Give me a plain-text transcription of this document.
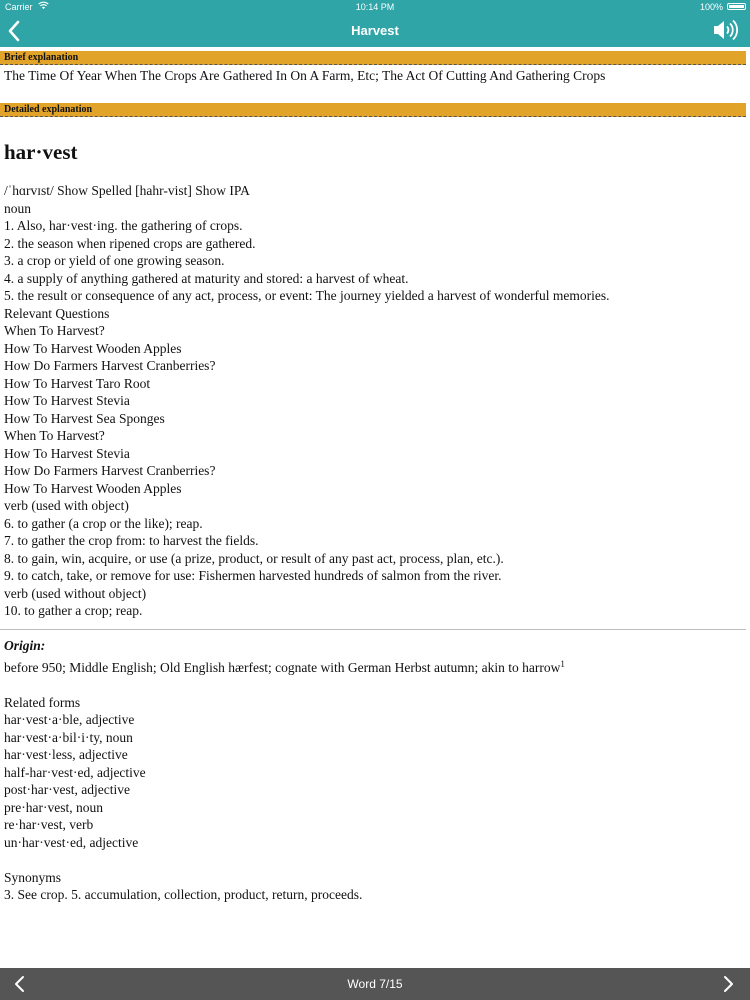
Carrier	10:14 PM	100%
Harvest
Brief explanation
The Time Of Year When The Crops Are Gathered In On A Farm, Etc; The Act Of Cutting And Gathering Crops
Detailed explanation
har·vest
/ˈhɑrvɪst/ Show Spelled [hahr-vist] Show IPA
noun
1. Also, har·vest·ing. the gathering of crops.
2. the season when ripened crops are gathered.
3. a crop or yield of one growing season.
4. a supply of anything gathered at maturity and stored: a harvest of wheat.
5. the result or consequence of any act, process, or event: The journey yielded a harvest of wonderful memories.
Relevant Questions
When To Harvest?
How To Harvest Wooden Apples
How Do Farmers Harvest Cranberries?
How To Harvest Taro Root
How To Harvest Stevia
How To Harvest Sea Sponges
When To Harvest?
How To Harvest Stevia
How Do Farmers Harvest Cranberries?
How To Harvest Wooden Apples
verb (used with object)
6. to gather (a crop or the like); reap.
7. to gather the crop from: to harvest the fields.
8. to gain, win, acquire, or use (a prize, product, or result of any past act, process, plan, etc.).
9. to catch, take, or remove for use: Fishermen harvested hundreds of salmon from the river.
verb (used without object)
10. to gather a crop; reap.
Origin:
before 950; Middle English; Old English hærfest; cognate with German Herbst autumn; akin to harrow$^1$
Related forms
har·vest·a·ble, adjective
har·vest·a·bil·i·ty, noun
har·vest·less, adjective
half-har·vest·ed, adjective
post·har·vest, adjective
pre·har·vest, noun
re·har·vest, verb
un·har·vest·ed, adjective
Synonyms
3. See crop. 5. accumulation, collection, product, return, proceeds.
Word 7/15
